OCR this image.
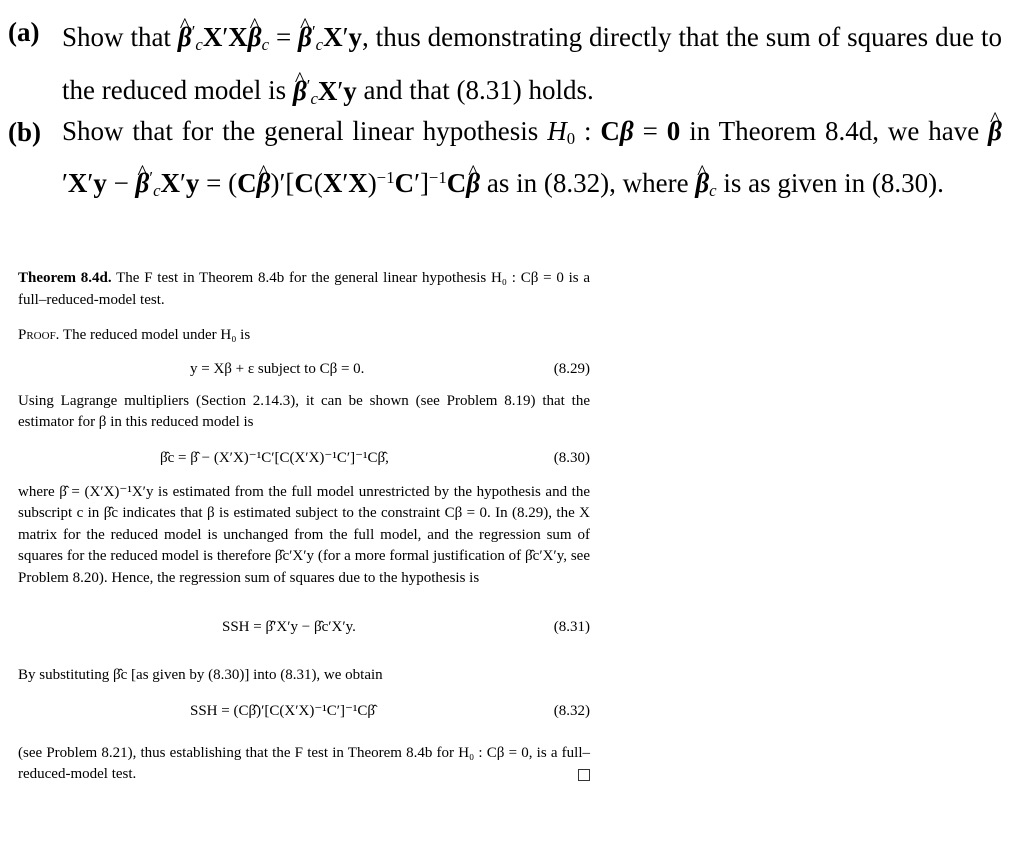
(a) Show that ^ $\beta'_cX'X\^{}$ $\beta_c$ = ^ $\beta'_cX'y$, thus demonstrating directly that the sum of squares due to the reduced model is ^ $\beta'_cX'y$ and that (8.31) holds.
(b) Show that for the general linear hypothesis $H_0$ : Cβ = 0 in Theorem 8.4d, we have ^ β′X′y − ^ $\beta'_cX'y$ = (C^ $\beta)'[C(X'X)^{-1}C']^{-1}C\^{}$ β as in (8.32), where ^ $\beta_c$ is as given in (8.30).

Theorem 8.4d. The F test in Theorem 8.4b for the general linear hypothesis H₀ : Cβ = 0 is a full–reduced-model test.

Proof. The reduced model under H₀ is

y = Xβ + ε subject to Cβ = 0.	(8.29)

Using Lagrange multipliers (Section 2.14.3), it can be shown (see Problem 8.19) that the estimator for β in this reduced model is

β̂c = β̂ − (X′X)⁻¹C′[C(X′X)⁻¹C′]⁻¹Cβ̂,	(8.30)

where β̂ = (X′X)⁻¹X′y is estimated from the full model unrestricted by the hypothesis and the subscript c in β̂c indicates that β is estimated subject to the constraint Cβ = 0. In (8.29), the X matrix for the reduced model is unchanged from the full model, and the regression sum of squares for the reduced model is therefore β̂c′X′y (for a more formal justification of β̂c′X′y, see Problem 8.20). Hence, the regression sum of squares due to the hypothesis is

SSH = β̂′X′y − β̂c′X′y.	(8.31)

By substituting β̂c [as given by (8.30)] into (8.31), we obtain

SSH = (Cβ̂)′[C(X′X)⁻¹C′]⁻¹Cβ̂	(8.32)

(see Problem 8.21), thus establishing that the F test in Theorem 8.4b for H₀ : Cβ = 0, is a full–reduced-model test.
